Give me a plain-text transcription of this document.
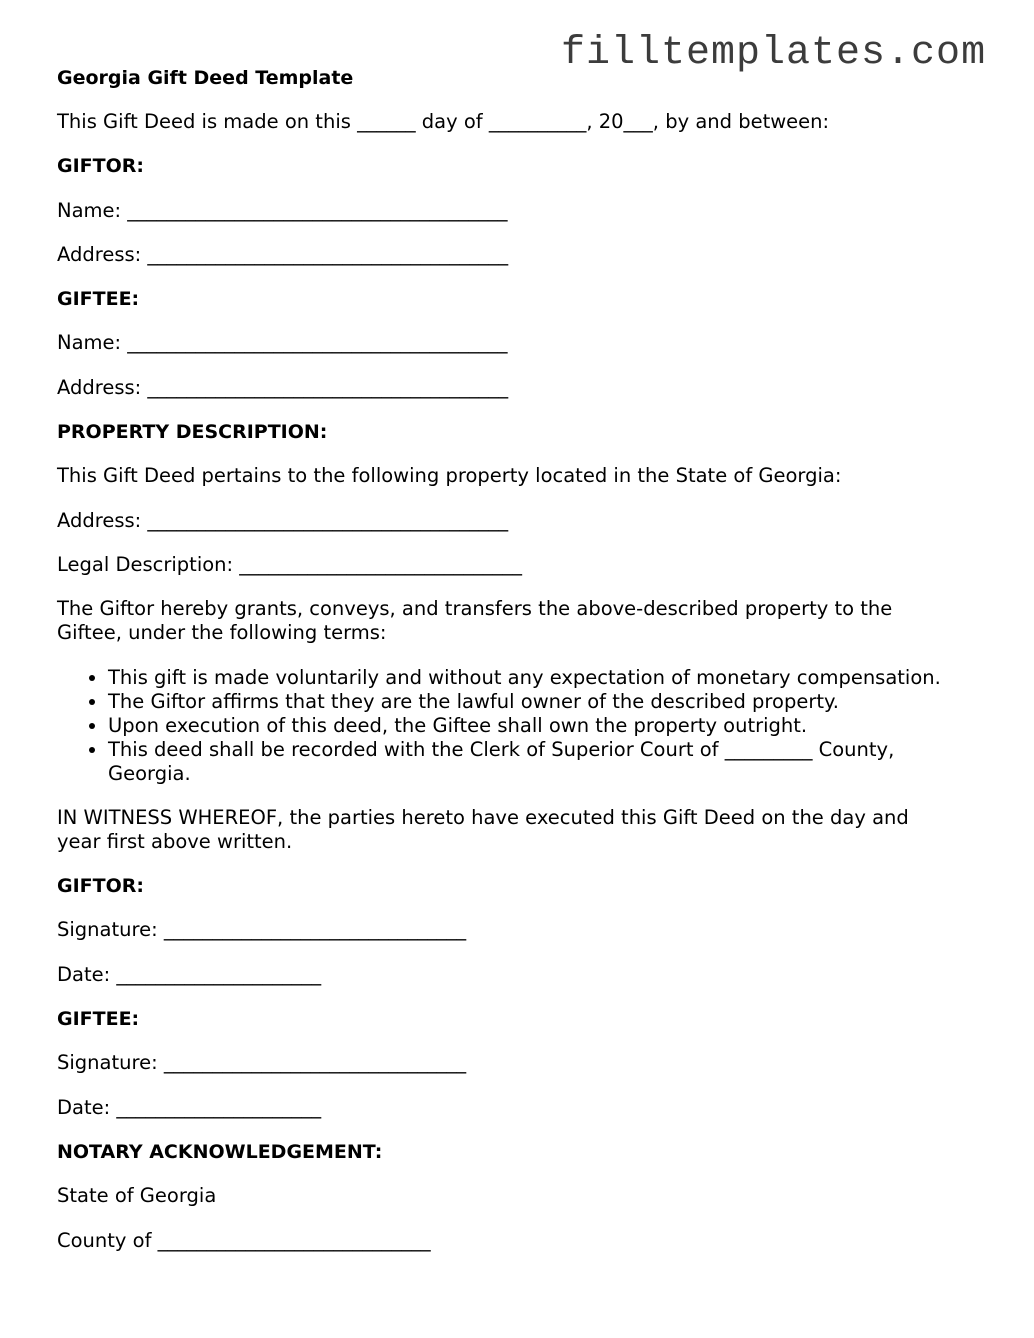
filltemplates.com
Georgia Gift Deed Template

This Gift Deed is made on this ______ day of __________, 20___, by and between:

GIFTOR:

Name: _______________________________________

Address: _____________________________________

GIFTEE:

Name: _______________________________________

Address: _____________________________________

PROPERTY DESCRIPTION:

This Gift Deed pertains to the following property located in the State of Georgia:

Address: _____________________________________

Legal Description: _____________________________

The Giftor hereby grants, conveys, and transfers the above-described property to the Giftee, under the following terms:

• This gift is made voluntarily and without any expectation of monetary compensation.
• The Giftor affirms that they are the lawful owner of the described property.
• Upon execution of this deed, the Giftee shall own the property outright.
• This deed shall be recorded with the Clerk of Superior Court of _________ County, Georgia.

IN WITNESS WHEREOF, the parties hereto have executed this Gift Deed on the day and year first above written.

GIFTOR:

Signature: _______________________________

Date: _____________________

GIFTEE:

Signature: _______________________________

Date: _____________________

NOTARY ACKNOWLEDGEMENT:

State of Georgia

County of ____________________________
